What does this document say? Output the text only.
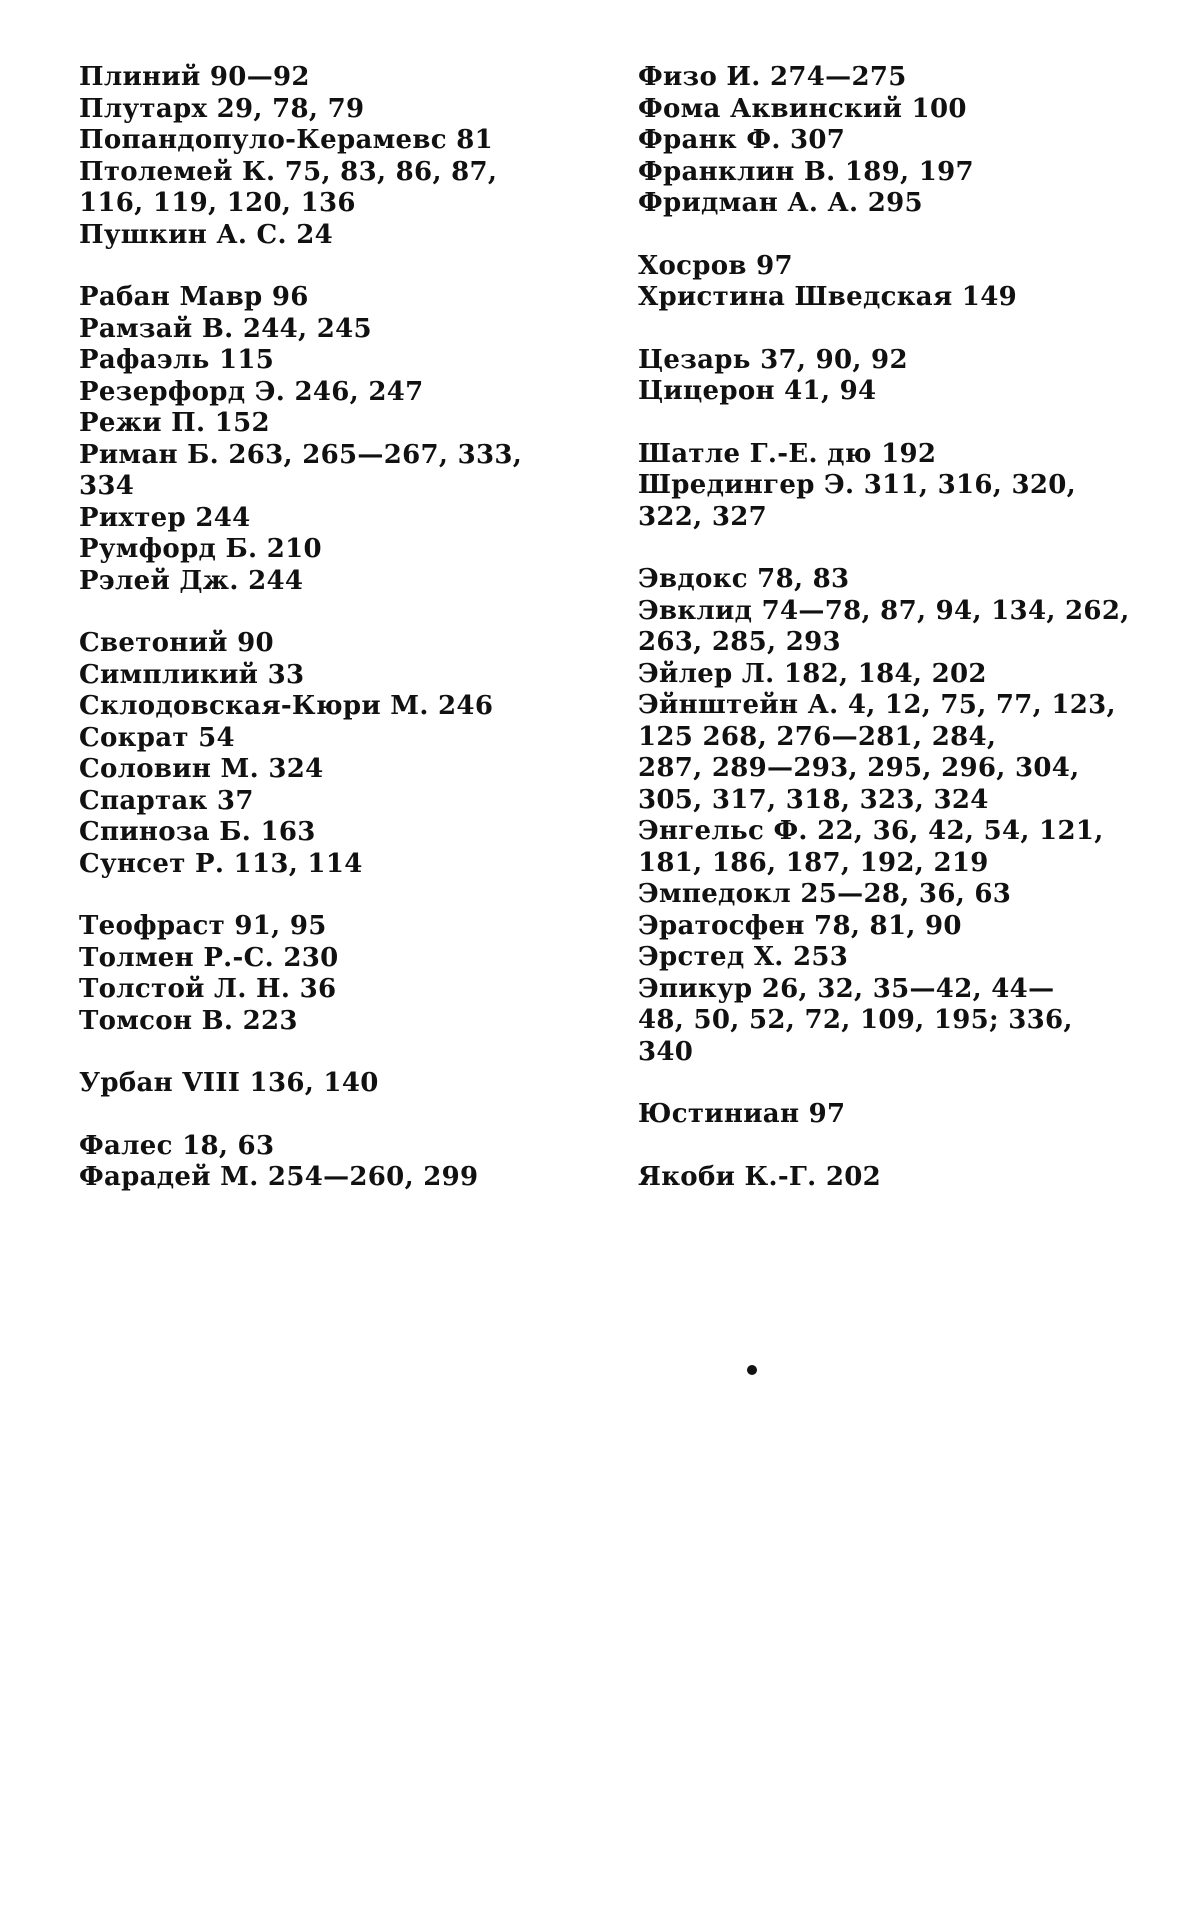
Плиний 90—92

Плутарх 29, 78, 79

Попандопуло-Керамевс 81

Птолемей К. 75, 83, 86, 87,
116, 119, 120, 136

Пушкин А. С. 24

Рабан Мавр 96

Рамзай В. 244, 245

Рафаэль 115

Резерфорд Э. 246, 247

Режи П. 152

Риман Б. 263, 265—267, 333,
334

Рихтер 244

Румфорд Б. 210

Рэлей Дж. 244

Светоний 90

Симпликий 33

Склодовская-Кюри М. 246

Сократ 54

Соловин М. 324

Спартак 37

Спиноза Б. 163

Сунсет Р. 113, 114

Теофраст 91, 95

Толмен Р.-С. 230

Толстой Л. Н. 36

Томсон В. 223

Урбан VIII 136, 140

Фалес 18, 63

Фарадей М. 254—260, 299

Физо И. 274—275

Фома Аквинский 100

Франк Ф. 307

Франклин В. 189, 197

Фридман А. А. 295

Хосров 97

Христина Шведская 149

Цезарь 37, 90, 92

Цицерон 41, 94

Шатле Г.-Е. дю 192

Шредингер Э. 311, 316, 320,
322, 327

Эвдокс 78, 83

Эвклид 74—78, 87, 94, 134, 262,
263, 285, 293

Эйлер Л. 182, 184, 202

Эйнштейн А. 4, 12, 75, 77, 123,
125 268, 276—281, 284,
287, 289—293, 295, 296, 304,
305, 317, 318, 323, 324

Энгельс Ф. 22, 36, 42, 54, 121,
181, 186, 187, 192, 219

Эмпедокл 25—28, 36, 63

Эратосфен 78, 81, 90

Эрстед Х. 253

Эпикур 26, 32, 35—42, 44—
48, 50, 52, 72, 109, 195; 336,
340

Юстиниан 97

Якоби К.-Г. 202
